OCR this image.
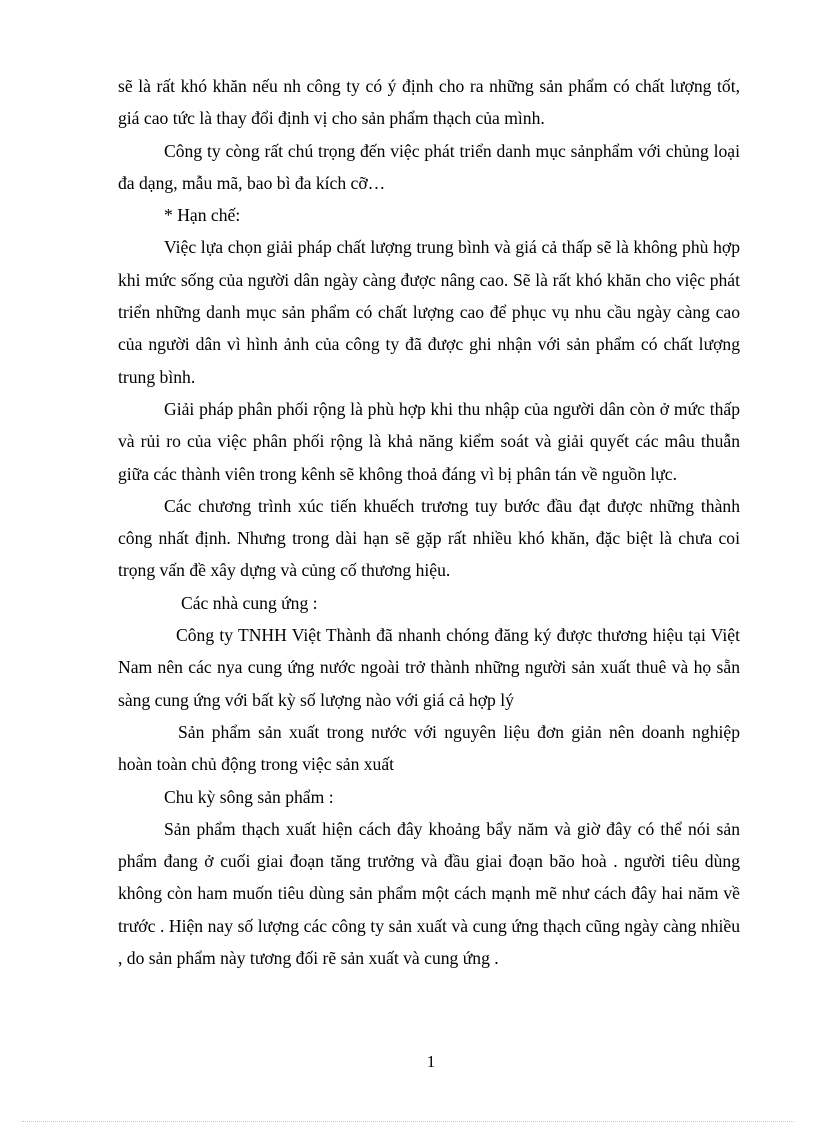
sẽ là rất khó khăn nếu nh công ty có ý định cho ra những sản phẩm có chất lượng tốt, giá cao tức là thay đổi định vị cho sản phẩm thạch của mình.

Công ty còng rất chú trọng đến việc phát triển danh mục sảnphẩm với chủng loại đa dạng, mẫu mã, bao bì đa kích cỡ…

* Hạn chế:

Việc lựa chọn giải pháp chất lượng trung bình và giá cả thấp sẽ là không phù hợp khi mức sống của người dân ngày càng được nâng cao. Sẽ là rất khó khăn cho việc phát triển những danh mục sản phẩm có chất lượng cao để phục vụ nhu cầu ngày càng cao của người dân vì hình ảnh của công ty đã được ghi nhận với sản phẩm có chất lượng trung bình.

Giải pháp phân phối rộng là phù hợp khi thu nhập của người dân còn ở mức thấp và rủi ro của việc phân phối rộng là khả năng kiểm soát và giải quyết các mâu thuẫn giữa các thành viên trong kênh sẽ không thoả đáng vì bị phân tán về nguồn lực.

Các chương trình xúc tiến khuếch trương tuy bước đầu đạt được những thành công nhất định. Nhưng trong dài hạn sẽ gặp rất nhiều khó khăn, đặc biệt là chưa coi trọng vấn đề xây dựng và củng cố thương hiệu.

Các nhà cung ứng :

Công ty TNHH Việt Thành đã nhanh chóng đăng ký được thương hiệu tại Việt Nam nên các nya cung ứng nước ngoài trở thành những người sản xuất thuê và họ sẵn sàng cung ứng với bất kỳ số lượng nào với giá cả hợp lý

Sản phẩm sản xuất trong nước với nguyên liệu đơn giản nên doanh nghiệp hoàn toàn chủ động trong việc sản xuất

Chu kỳ sông sản phẩm :

Sản phẩm thạch xuất hiện cách đây khoảng bẩy năm và giờ đây có thể nói sản phẩm đang ở cuối giai đoạn tăng trưởng và đầu giai đoạn bão hoà . người tiêu dùng không còn ham muốn tiêu dùng sản phẩm một cách mạnh mẽ như cách đây hai năm về trước . Hiện nay số lượng các công ty sản xuất và cung ứng thạch cũng ngày càng nhiều , do sản phẩm này tương đối rẽ sản xuất và cung ứng .

1
